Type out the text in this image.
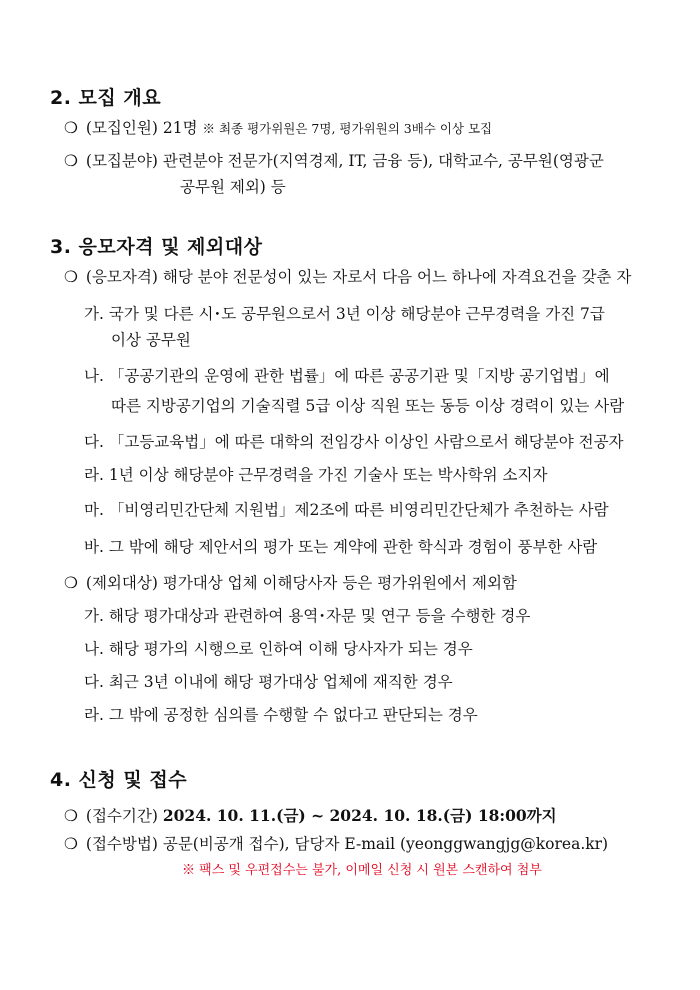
2. 모집 개요
❍ (모집인원) 21명 ※ 최종 평가위원은 7명, 평가위원의 3배수 이상 모집
❍ (모집분야) 관련분야 전문가(지역경제, IT, 금융 등), 대학교수, 공무원(영광군
공무원 제외) 등
3. 응모자격 및 제외대상
❍ (응모자격) 해당 분야 전문성이 있는 자로서 다음 어느 하나에 자격요건을 갖춘 자
가. 국가 및 다른 시･도 공무원으로서 3년 이상 해당분야 근무경력을 가진 7급
이상 공무원
나. 「공공기관의 운영에 관한 법률」에 따른 공공기관 및「지방 공기업법」에
따른 지방공기업의 기술직렬 5급 이상 직원 또는 동등 이상 경력이 있는 사람
다. 「고등교육법」에 따른 대학의 전임강사 이상인 사람으로서 해당분야 전공자
라. 1년 이상 해당분야 근무경력을 가진 기술사 또는 박사학위 소지자
마. 「비영리민간단체 지원법」제2조에 따른 비영리민간단체가 추천하는 사람
바. 그 밖에 해당 제안서의 평가 또는 계약에 관한 학식과 경험이 풍부한 사람
❍ (제외대상) 평가대상 업체 이해당사자 등은 평가위원에서 제외함
가. 해당 평가대상과 관련하여 용역･자문 및 연구 등을 수행한 경우
나. 해당 평가의 시행으로 인하여 이해 당사자가 되는 경우
다. 최근 3년 이내에 해당 평가대상 업체에 재직한 경우
라. 그 밖에 공정한 심의를 수행할 수 없다고 판단되는 경우
4. 신청 및 접수
❍ (접수기간) 2024. 10. 11.(금) ~ 2024. 10. 18.(금) 18:00까지
❍ (접수방법) 공문(비공개 접수), 담당자 E-mail (yeonggwangjg@korea.kr)
※ 팩스 및 우편접수는 불가, 이메일 신청 시 원본 스캔하여 첨부
